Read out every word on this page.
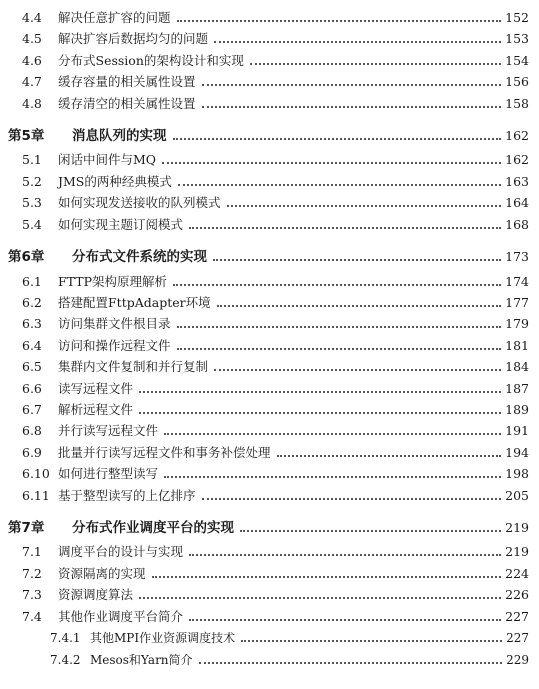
4.4	解决任意扩容的问题	152
4.5	解决扩容后数据均匀的问题	153
4.6	分布式Session的架构设计和实现	154
4.7	缓存容量的相关属性设置	156
4.8	缓存清空的相关属性设置	158
第5章	消息队列的实现	162
5.1	闲话中间件与MQ	162
5.2	JMS的两种经典模式	163
5.3	如何实现发送接收的队列模式	164
5.4	如何实现主题订阅模式	168
第6章	分布式文件系统的实现	173
6.1	FTTP架构原理解析	174
6.2	搭建配置FttpAdapter环境	177
6.3	访问集群文件根目录	179
6.4	访问和操作远程文件	181
6.5	集群内文件复制和并行复制	184
6.6	读写远程文件	187
6.7	解析远程文件	189
6.8	并行读写远程文件	191
6.9	批量并行读写远程文件和事务补偿处理	194
6.10 如何进行整型读写	198
6.11 基于整型读写的上亿排序	205
第7章	分布式作业调度平台的实现	219
7.1	调度平台的设计与实现	219
7.2	资源隔离的实现	224
7.3	资源调度算法	226
7.4	其他作业调度平台简介	227
7.4.1 其他MPI作业资源调度技术	227
7.4.2 Mesos和Yarn简介	229
